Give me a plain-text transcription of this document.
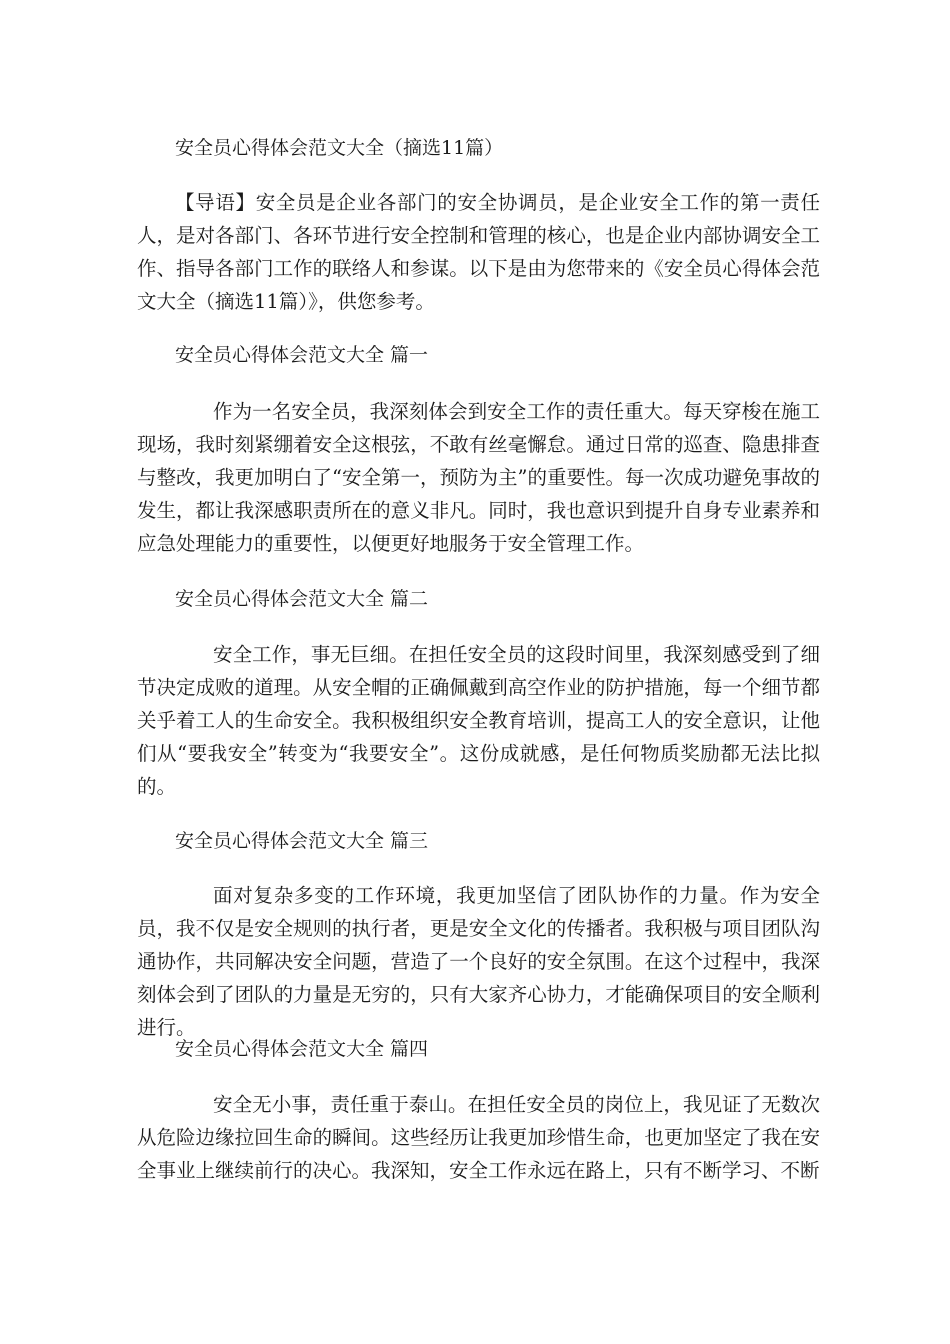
安全员心得体会范文大全（摘选11篇）

【导语】安全员是企业各部门的安全协调员，是企业安全工作的第一责任人，是对各部门、各环节进行安全控制和管理的核心，也是企业内部协调安全工作、指导各部门工作的联络人和参谋。以下是由为您带来的《安全员心得体会范文大全（摘选11篇）》，供您参考。

安全员心得体会范文大全 篇一

作为一名安全员，我深刻体会到安全工作的责任重大。每天穿梭在施工现场，我时刻紧绷着安全这根弦，不敢有丝毫懈怠。通过日常的巡查、隐患排查与整改，我更加明白了“安全第一，预防为主”的重要性。每一次成功避免事故的发生，都让我深感职责所在的意义非凡。同时，我也意识到提升自身专业素养和应急处理能力的重要性，以便更好地服务于安全管理工作。

安全员心得体会范文大全 篇二

安全工作，事无巨细。在担任安全员的这段时间里，我深刻感受到了细节决定成败的道理。从安全帽的正确佩戴到高空作业的防护措施，每一个细节都关乎着工人的生命安全。我积极组织安全教育培训，提高工人的安全意识，让他们从“要我安全”转变为“我要安全”。这份成就感，是任何物质奖励都无法比拟的。

安全员心得体会范文大全 篇三

面对复杂多变的工作环境，我更加坚信了团队协作的力量。作为安全员，我不仅是安全规则的执行者，更是安全文化的传播者。我积极与项目团队沟通协作，共同解决安全问题，营造了一个良好的安全氛围。在这个过程中，我深刻体会到了团队的力量是无穷的，只有大家齐心协力，才能确保项目的安全顺利进行。

安全员心得体会范文大全 篇四

安全无小事，责任重于泰山。在担任安全员的岗位上，我见证了无数次从危险边缘拉回生命的瞬间。这些经历让我更加珍惜生命，也更加坚定了我在安全事业上继续前行的决心。我深知，安全工作永远在路上，只有不断学习、不断
